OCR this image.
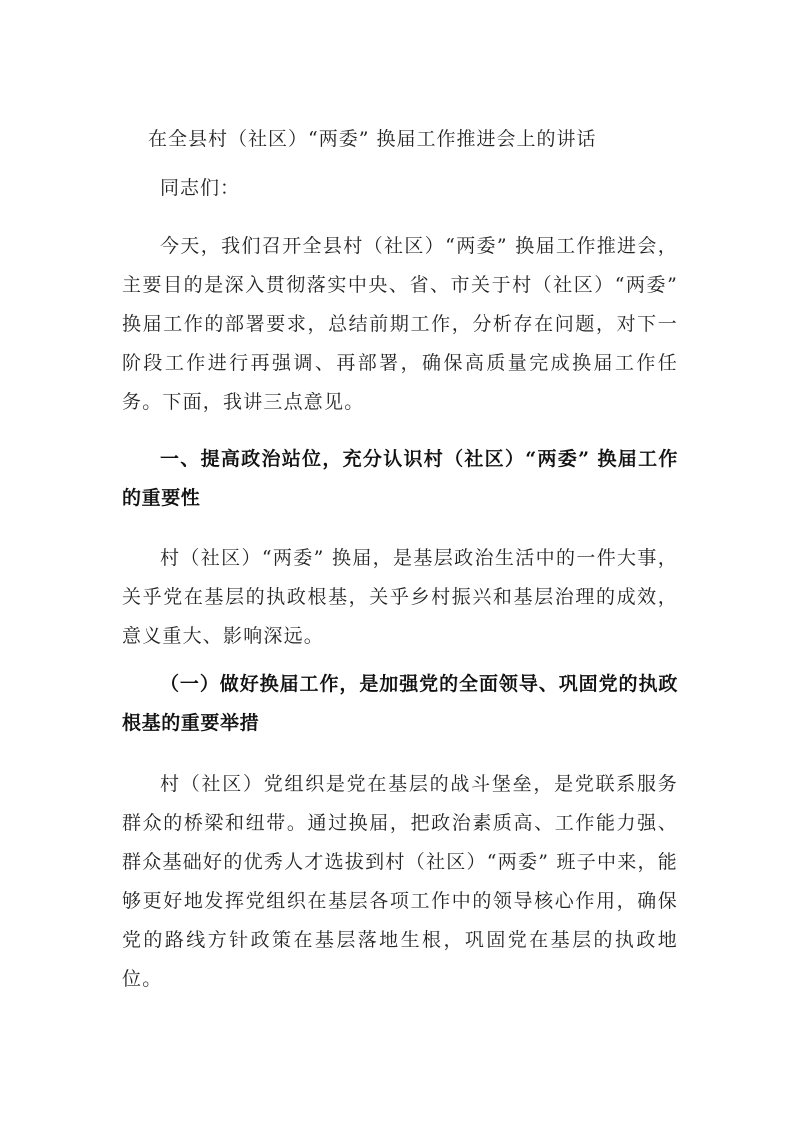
在全县村（社区）“两委” 换届工作推进会上的讲话
同志们：
今天，我们召开全县村（社区）“两委” 换届工作推进会，主要目的是深入贯彻落实中央、省、市关于村（社区）“两委” 换届工作的部署要求，总结前期工作，分析存在问题，对下一阶段工作进行再强调、再部署，确保高质量完成换届工作任务。下面，我讲三点意见。
一、提高政治站位，充分认识村（社区）“两委” 换届工作的重要性
村（社区）“两委” 换届，是基层政治生活中的一件大事，关乎党在基层的执政根基，关乎乡村振兴和基层治理的成效，意义重大、影响深远。
（一）做好换届工作，是加强党的全面领导、巩固党的执政根基的重要举措
村（社区）党组织是党在基层的战斗堡垒，是党联系服务群众的桥梁和纽带。通过换届，把政治素质高、工作能力强、群众基础好的优秀人才选拔到村（社区）“两委” 班子中来，能够更好地发挥党组织在基层各项工作中的领导核心作用，确保党的路线方针政策在基层落地生根，巩固党在基层的执政地位。
